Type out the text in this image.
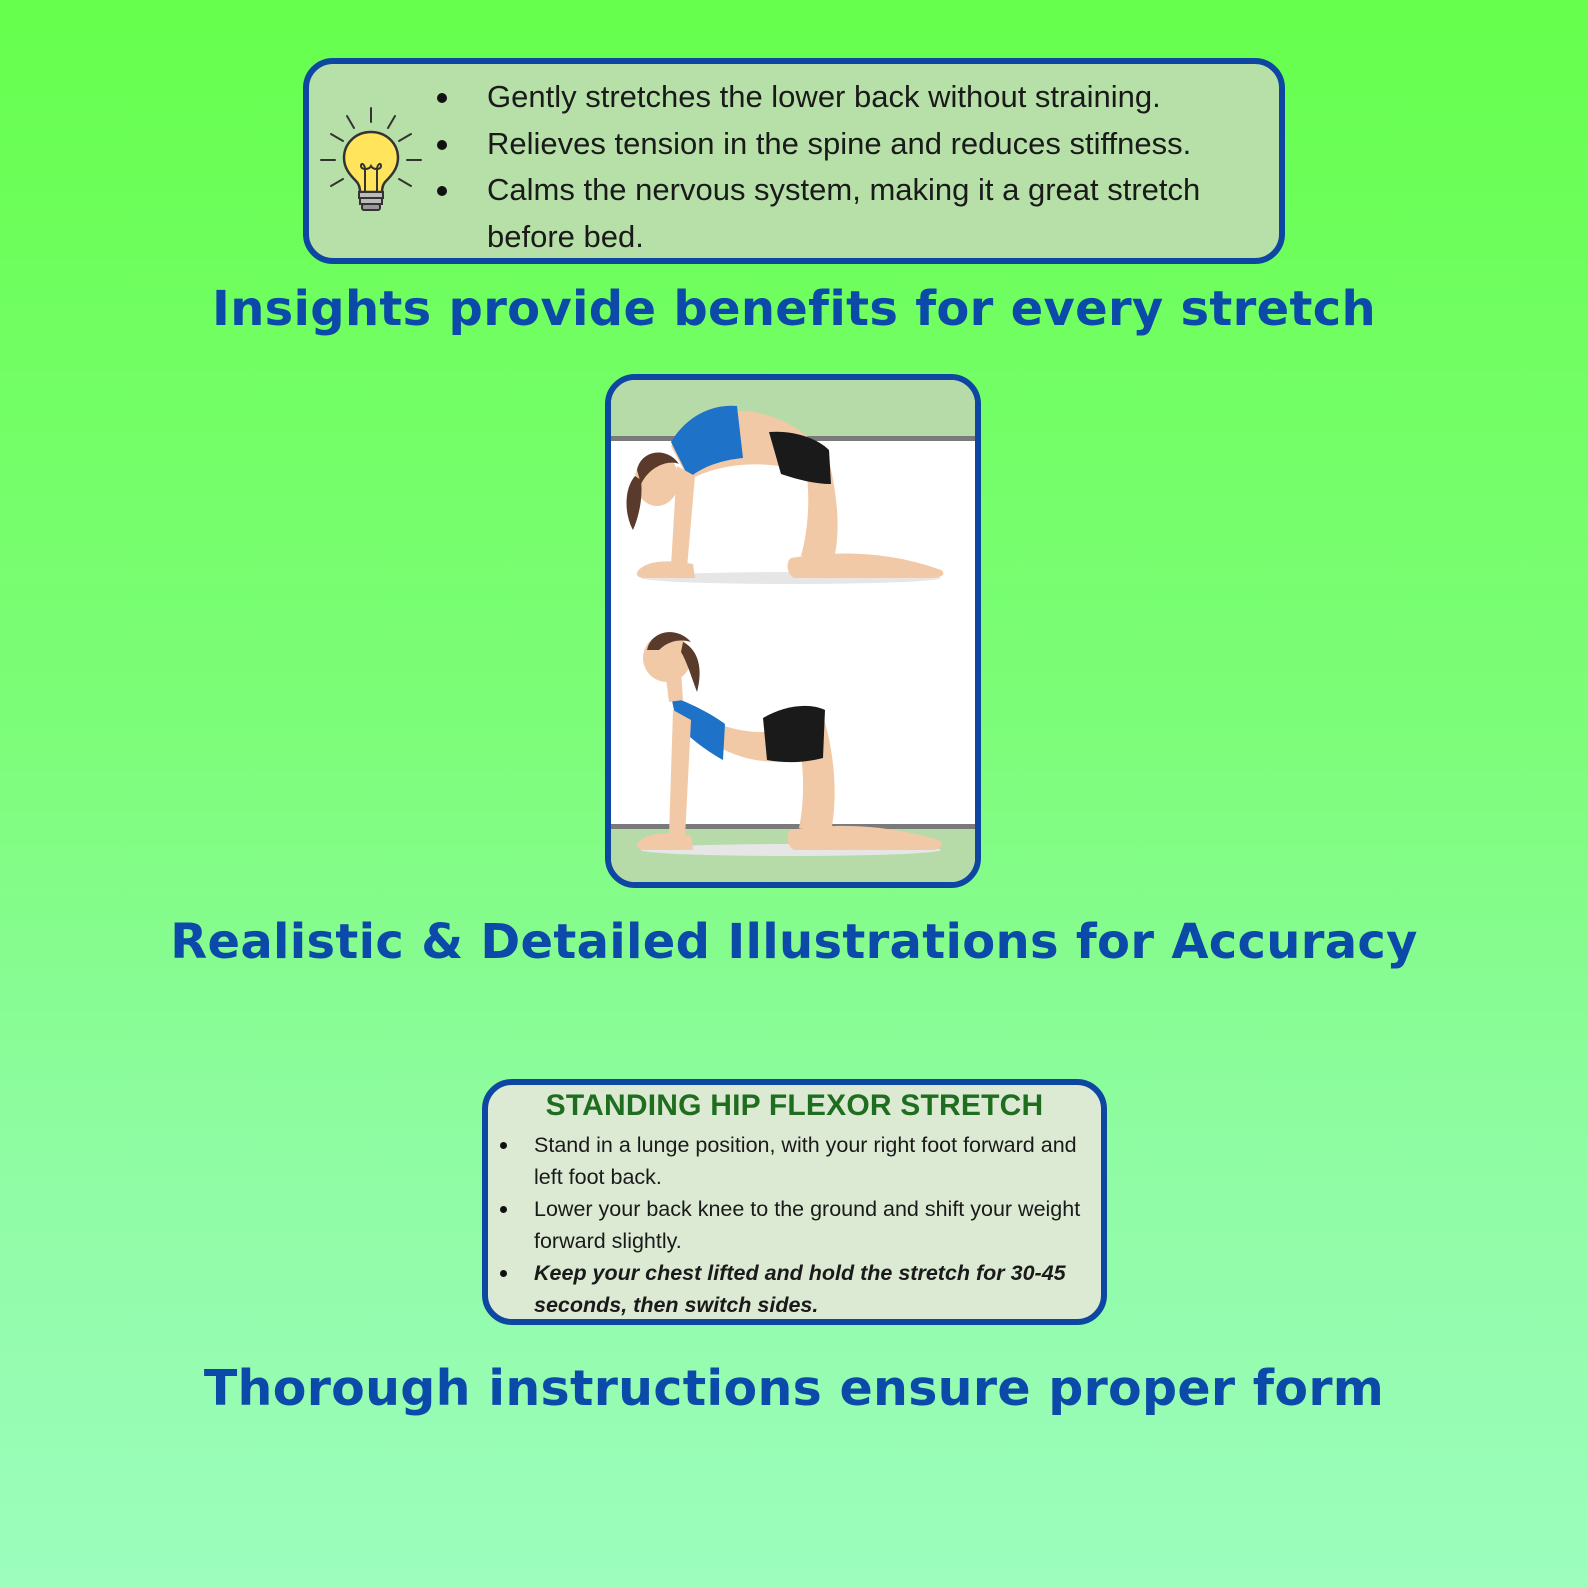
Gently stretches the lower back without straining.
Relieves tension in the spine and reduces stiffness.
Calms the nervous system, making it a great stretch before bed.
Insights provide benefits for every stretch
Realistic & Detailed Illustrations for Accuracy
STANDING HIP FLEXOR STRETCH
Stand in a lunge position, with your right foot forward and left foot back.
Lower your back knee to the ground and shift your weight forward slightly.
Keep your chest lifted and hold the stretch for 30-45 seconds, then switch sides.
Thorough instructions ensure proper form
